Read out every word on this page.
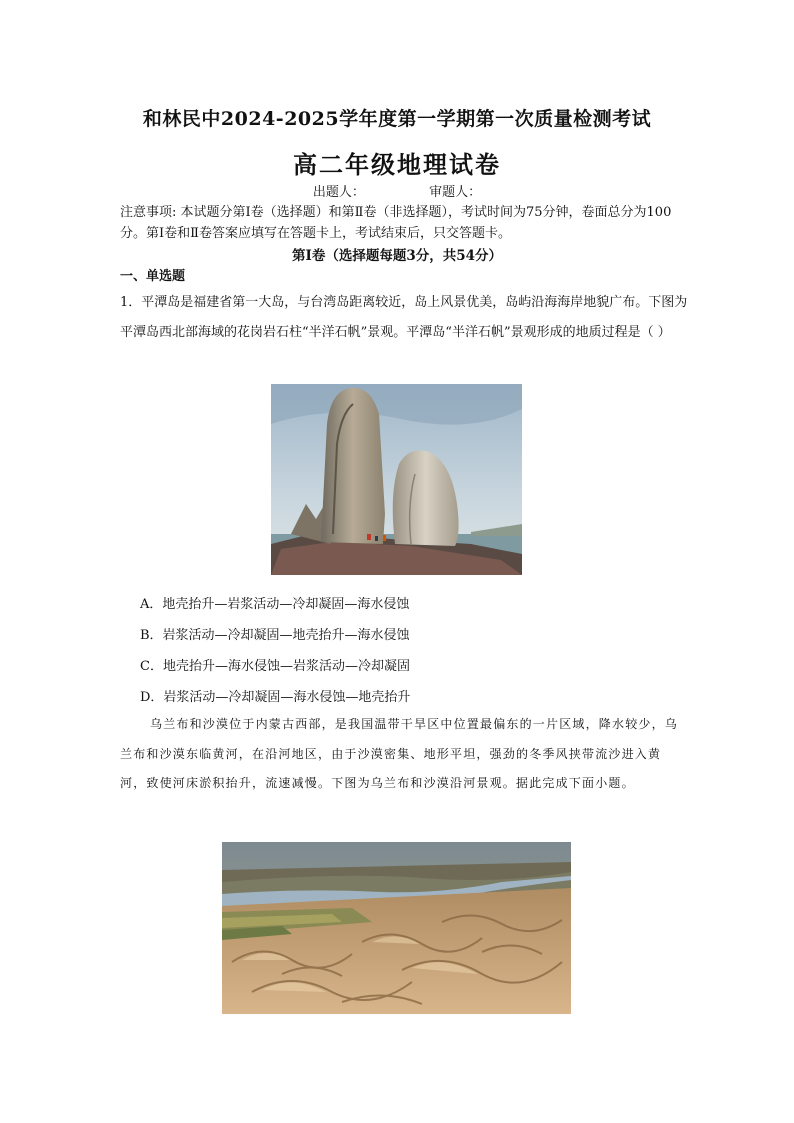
和林民中2024-2025学年度第一学期第一次质量检测考试
高二年级地理试卷
出题人：	审题人：
注意事项: 本试题分第Ⅰ卷（选择题）和第Ⅱ卷（非选择题），考试时间为75分钟，卷面总分为100分。第Ⅰ卷和Ⅱ卷答案应填写在答题卡上，考试结束后，只交答题卡。
第Ⅰ卷（选择题每题3分，共54分）
一、单选题
1．平潭岛是福建省第一大岛，与台湾岛距离较近，岛上风景优美，岛屿沿海海岸地貌广布。下图为平潭岛西北部海域的花岗岩石柱“半洋石帆”景观。平潭岛“半洋石帆”景观形成的地质过程是（ ）
A．地壳抬升—岩浆活动—冷却凝固—海水侵蚀
B．岩浆活动—冷却凝固—地壳抬升—海水侵蚀
C．地壳抬升—海水侵蚀—岩浆活动—冷却凝固
D．岩浆活动—冷却凝固—海水侵蚀—地壳抬升
乌兰布和沙漠位于内蒙古西部，是我国温带干旱区中位置最偏东的一片区域，降水较少，乌兰布和沙漠东临黄河，在沿河地区，由于沙漠密集、地形平坦，强劲的冬季风挟带流沙进入黄河，致使河床淤积抬升，流速减慢。下图为乌兰布和沙漠沿河景观。据此完成下面小题。
